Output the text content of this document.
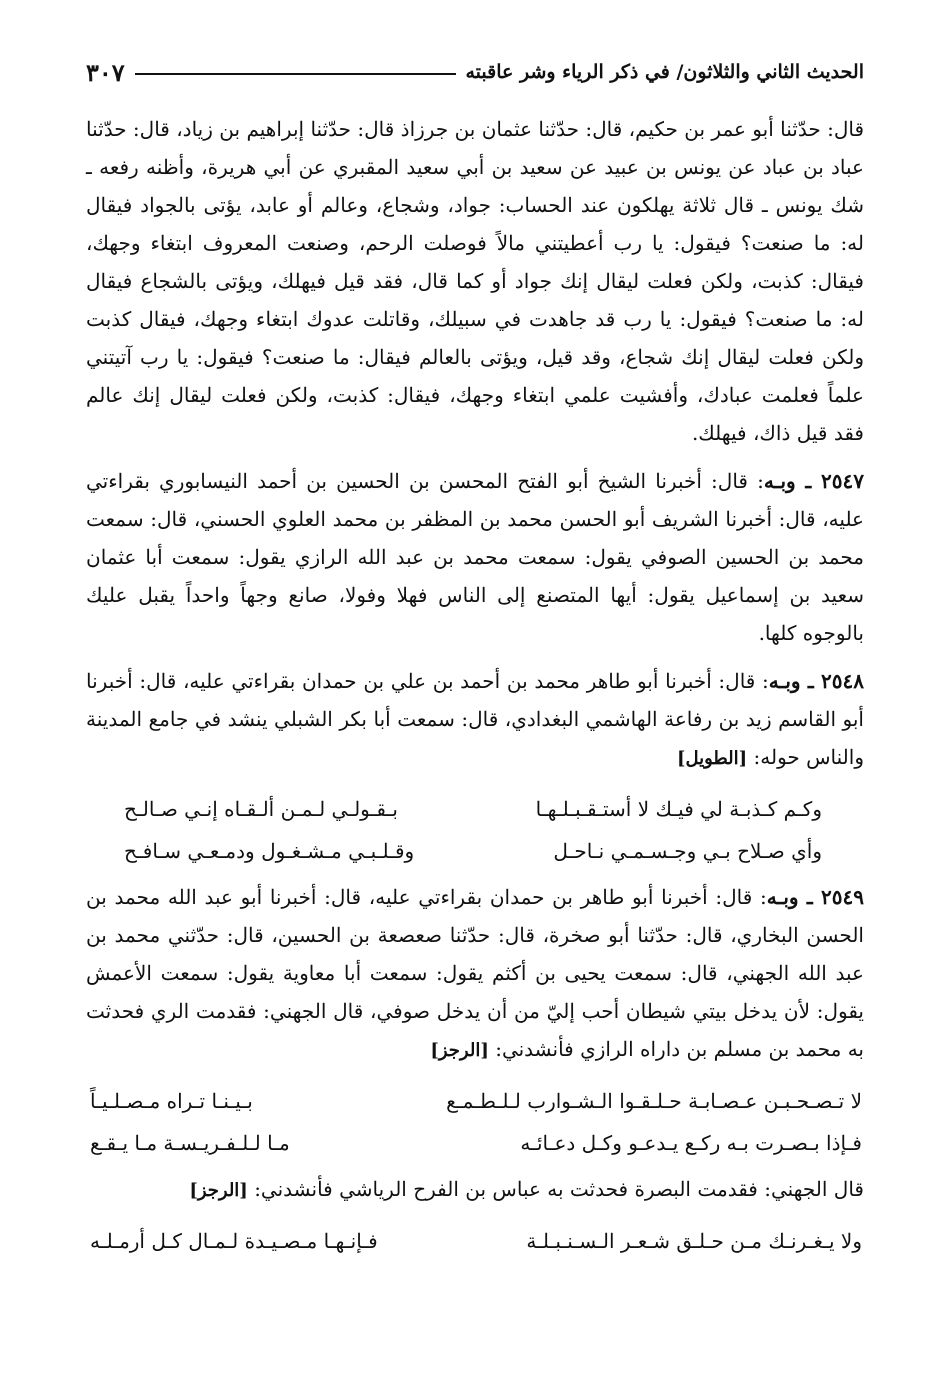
الحديث الثاني والثلاثون/ في ذكر الرياء وشر عاقبته
٣٠٧

قال: حدّثنا أبو عمر بن حكيم، قال: حدّثنا عثمان بن جرزاذ قال: حدّثنا إبراهيم بن زياد، قال: حدّثنا عباد بن عباد عن يونس بن عبيد عن سعيد بن أبي سعيد المقبري عن أبي هريرة، وأظنه رفعه ـ شك يونس ـ قال ثلاثة يهلكون عند الحساب: جواد، وشجاع، وعالم أو عابد، يؤتى بالجواد فيقال له: ما صنعت؟ فيقول: يا رب أعطيتني مالاً فوصلت الرحم، وصنعت المعروف ابتغاء وجهك، فيقال: كذبت، ولكن فعلت ليقال إنك جواد أو كما قال، فقد قيل فيهلك، ويؤتى بالشجاع فيقال له: ما صنعت؟ فيقول: يا رب قد جاهدت في سبيلك، وقاتلت عدوك ابتغاء وجهك، فيقال كذبت ولكن فعلت ليقال إنك شجاع، وقد قيل، ويؤتى بالعالم فيقال: ما صنعت؟ فيقول: يا رب آتيتني علماً فعلمت عبادك، وأفشيت علمي ابتغاء وجهك، فيقال: كذبت، ولكن فعلت ليقال إنك عالم فقد قيل ذاك، فيهلك.

٢٥٤٧ ـ وبـه: قال: أخبرنا الشيخ أبو الفتح المحسن بن الحسين بن أحمد النيسابوري بقراءتي عليه، قال: أخبرنا الشريف أبو الحسن محمد بن المظفر بن محمد العلوي الحسني، قال: سمعت محمد بن الحسين الصوفي يقول: سمعت محمد بن عبد الله الرازي يقول: سمعت أبا عثمان سعيد بن إسماعيل يقول: أيها المتصنع إلى الناس فهلا وفولا، صانع وجهاً واحداً يقبل عليك بالوجوه كلها.

٢٥٤٨ ـ وبـه: قال: أخبرنا أبو طاهر محمد بن أحمد بن علي بن حمدان بقراءتي عليه، قال: أخبرنا أبو القاسم زيد بن رفاعة الهاشمي البغدادي، قال: سمعت أبا بكر الشبلي ينشد في جامع المدينة والناس حوله: [الطويل]

وكـم كـذبـة لي فيـك لا أستـقـبـلـهـا
بـقـولـي لـمـن ألـقـاه إنـي صـالـح
وأي صـلاح بـي وجـسـمـي نـاحـل
وقـلـبـي مـشـغـول ودمـعـي سـافـح

٢٥٤٩ ـ وبـه: قال: أخبرنا أبو طاهر بن حمدان بقراءتي عليه، قال: أخبرنا أبو عبد الله محمد بن الحسن البخاري، قال: حدّثنا أبو صخرة، قال: حدّثنا صعصعة بن الحسين، قال: حدّثني محمد بن عبد الله الجهني، قال: سمعت يحيى بن أكثم يقول: سمعت أبا معاوية يقول: سمعت الأعمش يقول: لأن يدخل بيتي شيطان أحب إليّ من أن يدخل صوفي، قال الجهني: فقدمت الري فحدثت به محمد بن مسلم بن داراه الرازي فأنشدني: [الرجز]

لا تـصـحـبـن عـصـابـة حـلـقـوا الـشـوارب لـلـطـمـع
بـيـنـا تـراه مـصـلـيـاً
فـإذا بـصـرت بـه ركـع يـدعـو وكـل دعـائـه
مـا لـلـفـريـسـة مـا يـقـع

قال الجهني: فقدمت البصرة فحدثت به عباس بن الفرح الرياشي فأنشدني: [الرجز]

ولا يـغـرنـك مـن حـلـق شـعـر الـسـنـبـلـة
فـإنـهـا مـصـيـدة لـمـال كـل أرمـلـه
